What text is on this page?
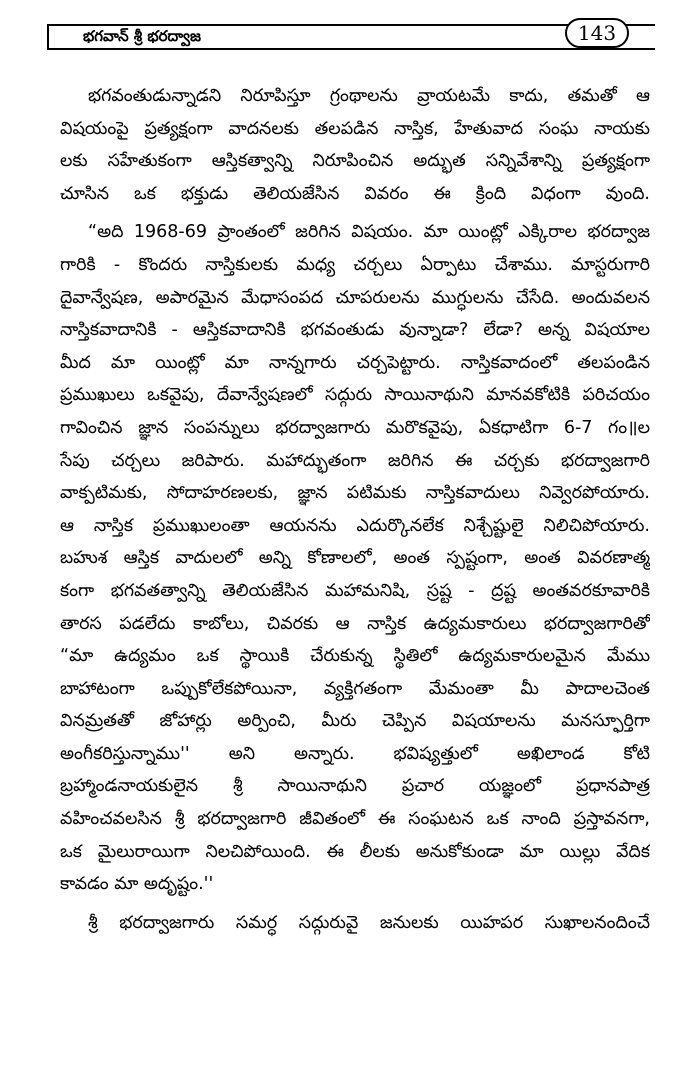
భగవాన్ శ్రీ భరద్వాజ	143
భగవంతుడున్నాడని నిరూపిస్తూ గ్రంథాలను వ్రాయటమే కాదు, తమతో ఆ
విషయంపై ప్రత్యక్షంగా వాదనలకు తలపడిన నాస్తిక, హేతువాద సంఘ నాయకు
లకు సహేతుకంగా ఆస్తికత్వాన్ని నిరూపించిన అద్భుత సన్నివేశాన్ని ప్రత్యక్షంగా
చూసిన ఒక భక్తుడు తెలియజేసిన వివరం ఈ క్రింది విధంగా వుంది.
“అది 1968-69 ప్రాంతంలో జరిగిన విషయం. మా యింట్లో ఎక్కిరాల భరద్వాజ
గారికి - కొందరు నాస్తికులకు మధ్య చర్చలు ఏర్పాటు చేశాము. మాస్టరుగారి
దైవాన్వేషణ, అపారమైన మేధాసంపద చూపరులను ముగ్ధులను చేసేది. అందువలన
నాస్తికవాదానికి - ఆస్తికవాదానికి భగవంతుడు వున్నాడా? లేడా? అన్న విషయాల
మీద మా యింట్లో మా నాన్నగారు చర్చపెట్టారు. నాస్తికవాదంలో తలపండిన
ప్రముఖులు ఒకవైపు, దేవాన్వేషణలో సద్గురు సాయినాథుని మానవకోటికి పరిచయం
గావించిన జ్ఞాన సంపన్నులు భరద్వాజగారు మరొకవైపు, ఏకధాటిగా 6-7 గం॥ల
సేపు చర్చలు జరిపారు. మహాద్భుతంగా జరిగిన ఈ చర్చకు భరద్వాజగారి
వాక్పటిమకు, సోదాహరణలకు, జ్ఞాన పటిమకు నాస్తికవాదులు నివ్వెరపోయారు.
ఆ నాస్తిక ప్రముఖులంతా ఆయనను ఎదుర్కొనలేక నిశ్చేష్టులై నిలిచిపోయారు.
బహుశ ఆస్తిక వాదులలో అన్ని కోణాలలో, అంత స్పష్టంగా, అంత వివరణాత్మ
కంగా భగవతత్వాన్ని తెలియజేసిన మహామనిషి, స్రష్ట - ద్రష్ట అంతవరకూవారికి
తారస పడలేదు కాబోలు, చివరకు ఆ నాస్తిక ఉద్యమకారులు భరద్వాజగారితో
“మా ఉద్యమం ఒక స్థాయికి చేరుకున్న స్థితిలో ఉద్యమకారులమైన మేము
బాహాటంగా ఒప్పుకోలేకపోయినా, వ్యక్తిగతంగా మేమంతా మీ పాదాలచెంత
వినమ్రతతో జోహార్లు అర్పించి, మీరు చెప్పిన విషయాలను మనస్ఫూర్తిగా
అంగీకరిస్తున్నాము'' అని అన్నారు. భవిష్యత్తులో అఖిలాండ కోటి
బ్రహ్మాండనాయకులైన శ్రీ సాయినాథుని ప్రచార యజ్ఞంలో ప్రధానపాత్ర
వహించవలసిన శ్రీ భరద్వాజగారి జీవితంలో ఈ సంఘటన ఒక నాంది ప్రస్తావనగా,
ఒక మైలురాయిగా నిలచిపోయింది. ఈ లీలకు అనుకోకుండా మా యిల్లు వేదిక
కావడం మా అదృష్టం.''
శ్రీ భరద్వాజగారు సమర్ధ సద్గురువై జనులకు యిహపర సుఖాలనందించే
